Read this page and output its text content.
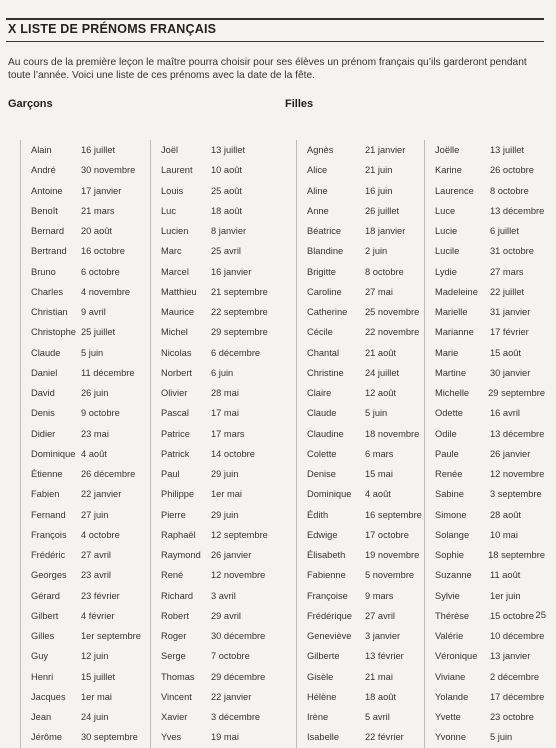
X LISTE DE PRÉNOMS FRANÇAIS
Au cours de la première leçon le maître pourra choisir pour ses élèves un prénom français qu’ils garderont pendant toute l’année. Voici une liste de ces prénoms avec la date de la fête.
Garçons	Filles
Alain	16 juillet
André	30 novembre
Antoine	17 janvier
Benoît	21 mars
Bernard	20 août
Bertrand	16 octobre
Bruno	6 octobre
Charles	4 novembre
Christian	9 avril
Christophe 25 juillet
Claude	5 juin
Daniel	11 décembre
David	26 juin
Denis	9 octobre
Didier	23 mai
Dominique 4 août
Étienne	26 décembre
Fabien	22 janvier
Fernand	27 juin
François	4 octobre
Frédéric	27 avril
Georges	23 avril
Gérard	23 février
Gilbert	4 février
Gilles	1er septembre
Guy	12 juin
Henri	15 juillet
Jacques	1er mai
Jean	24 juin
Jérôme	30 septembre
Joël	13 juillet
Laurent	10 août
Louis	25 août
Luc	18 août
Lucien	8 janvier
Marc	25 avril
Marcel	16 janvier
Matthieu	21 septembre
Maurice	22 septembre
Michel	29 septembre
Nicolas	6 décembre
Norbert	6 juin
Olivier	28 mai
Pascal	17 mai
Patrice	17 mars
Patrick	14 octobre
Paul	29 juin
Philippe	1er mai
Pierre	29 juin
Raphaël	12 septembre
Raymond	26 janvier
René	12 novembre
Richard	3 avril
Robert	29 avril
Roger	30 décembre
Serge	7 octobre
Thomas	29 décembre
Vincent	22 janvier
Xavier	3 décembre
Yves	19 mai
Agnès	21 janvier
Alice	21 juin
Aline	16 juin
Anne	26 juillet
Béatrice	18 janvier
Blandine	2 juin
Brigitte	8 octobre
Caroline	27 mai
Catherine	25 novembre
Cécile	22 novembre
Chantal	21 août
Christine	24 juillet
Claire	12 août
Claude	5 juin
Claudine	18 novembre
Colette	6 mars
Denise	15 mai
Dominique	4 août
Édith	16 septembre
Edwige	17 octobre
Élisabeth	19 novembre
Fabienne	5 novembre
Françoise	9 mars
Frédérique	27 avril
Geneviève	3 janvier
Gilberte	13 février
Gisèle	21 mai
Hélène	18 août
Irène	5 avril
Isabelle	22 février
Joëlle	13 juillet
Karine	26 octobre
Laurence	8 octobre
Luce	13 décembre
Lucie	6 juillet
Lucile	31 octobre
Lydie	27 mars
Madeleine	22 juillet
Marielle	31 janvier
Marianne	17 février
Marie	15 août
Martine	30 janvier
Michelle	29 septembre
Odette	16 avril
Odile	13 décembre
Paule	26 janvier
Renée	12 novembre
Sabine	3 septembre
Simone	28 août
Solange	10 mai
Sophie	18 septembre
Suzanne	11 août
Sylvie	1er juin
Thérèse	15 octobre
Valérie	10 décembre
Véronique	13 janvier
Viviane	2 décembre
Yolande	17 décembre
Yvette	23 octobre
Yvonne	5 juin
25
